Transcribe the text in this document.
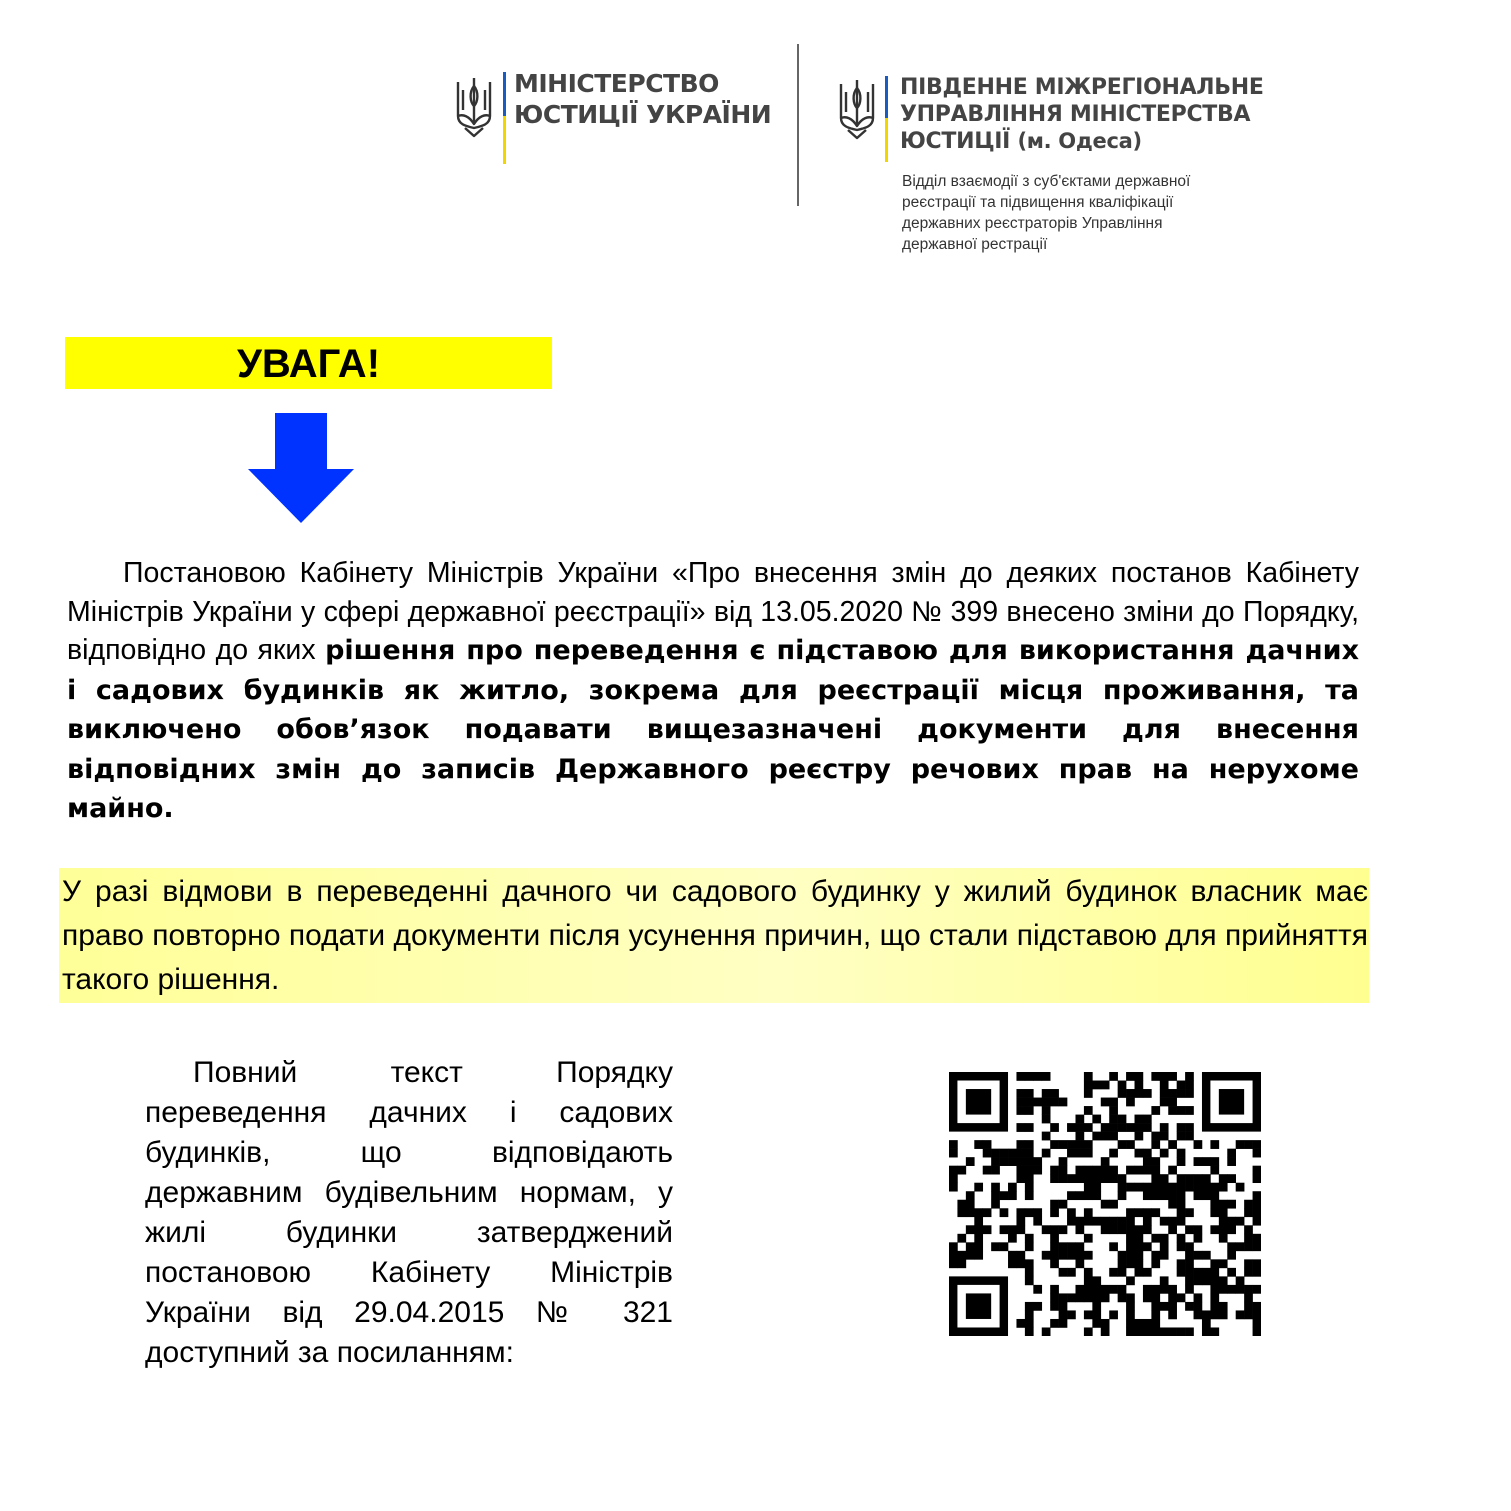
МІНІСТЕРСТВО
ЮСТИЦІЇ УКРАЇНИ
ПІВДЕННЕ МІЖРЕГІОНАЛЬНЕ
УПРАВЛІННЯ МІНІСТЕРСТВА
ЮСТИЦІЇ (м. Одеса)
Відділ взаємодії з суб'єктами державної
реєстрації та підвищення кваліфікації
державних реєстраторів Управління
державної рестрації
УВАГА!
Постановою Кабінету Міністрів України «Про внесення змін до деяких постанов Кабінету Міністрів України у сфері державної реєстрації» від 13.05.2020 № 399 внесено зміни до Порядку, відповідно до яких рішення про переведення є підставою для використання дачних і садових будинків як житло, зокрема для реєстрації місця проживання, та виключено обов’язок подавати вищезазначені документи для внесення відповідних змін до записів Державного реєстру речових прав на нерухоме майно.
У разі відмови в переведенні дачного чи садового будинку у жилий будинок власник має право повторно подати документи після усунення причин, що стали підставою для прийняття такого рішення.
Повний текст Порядку переведення дачних і садових будинків, що відповідають державним будівельним нормам, у жилі будинки затверджений постановою Кабінету Міністрів України від 29.04.2015 № 321 доступний за посиланням:
